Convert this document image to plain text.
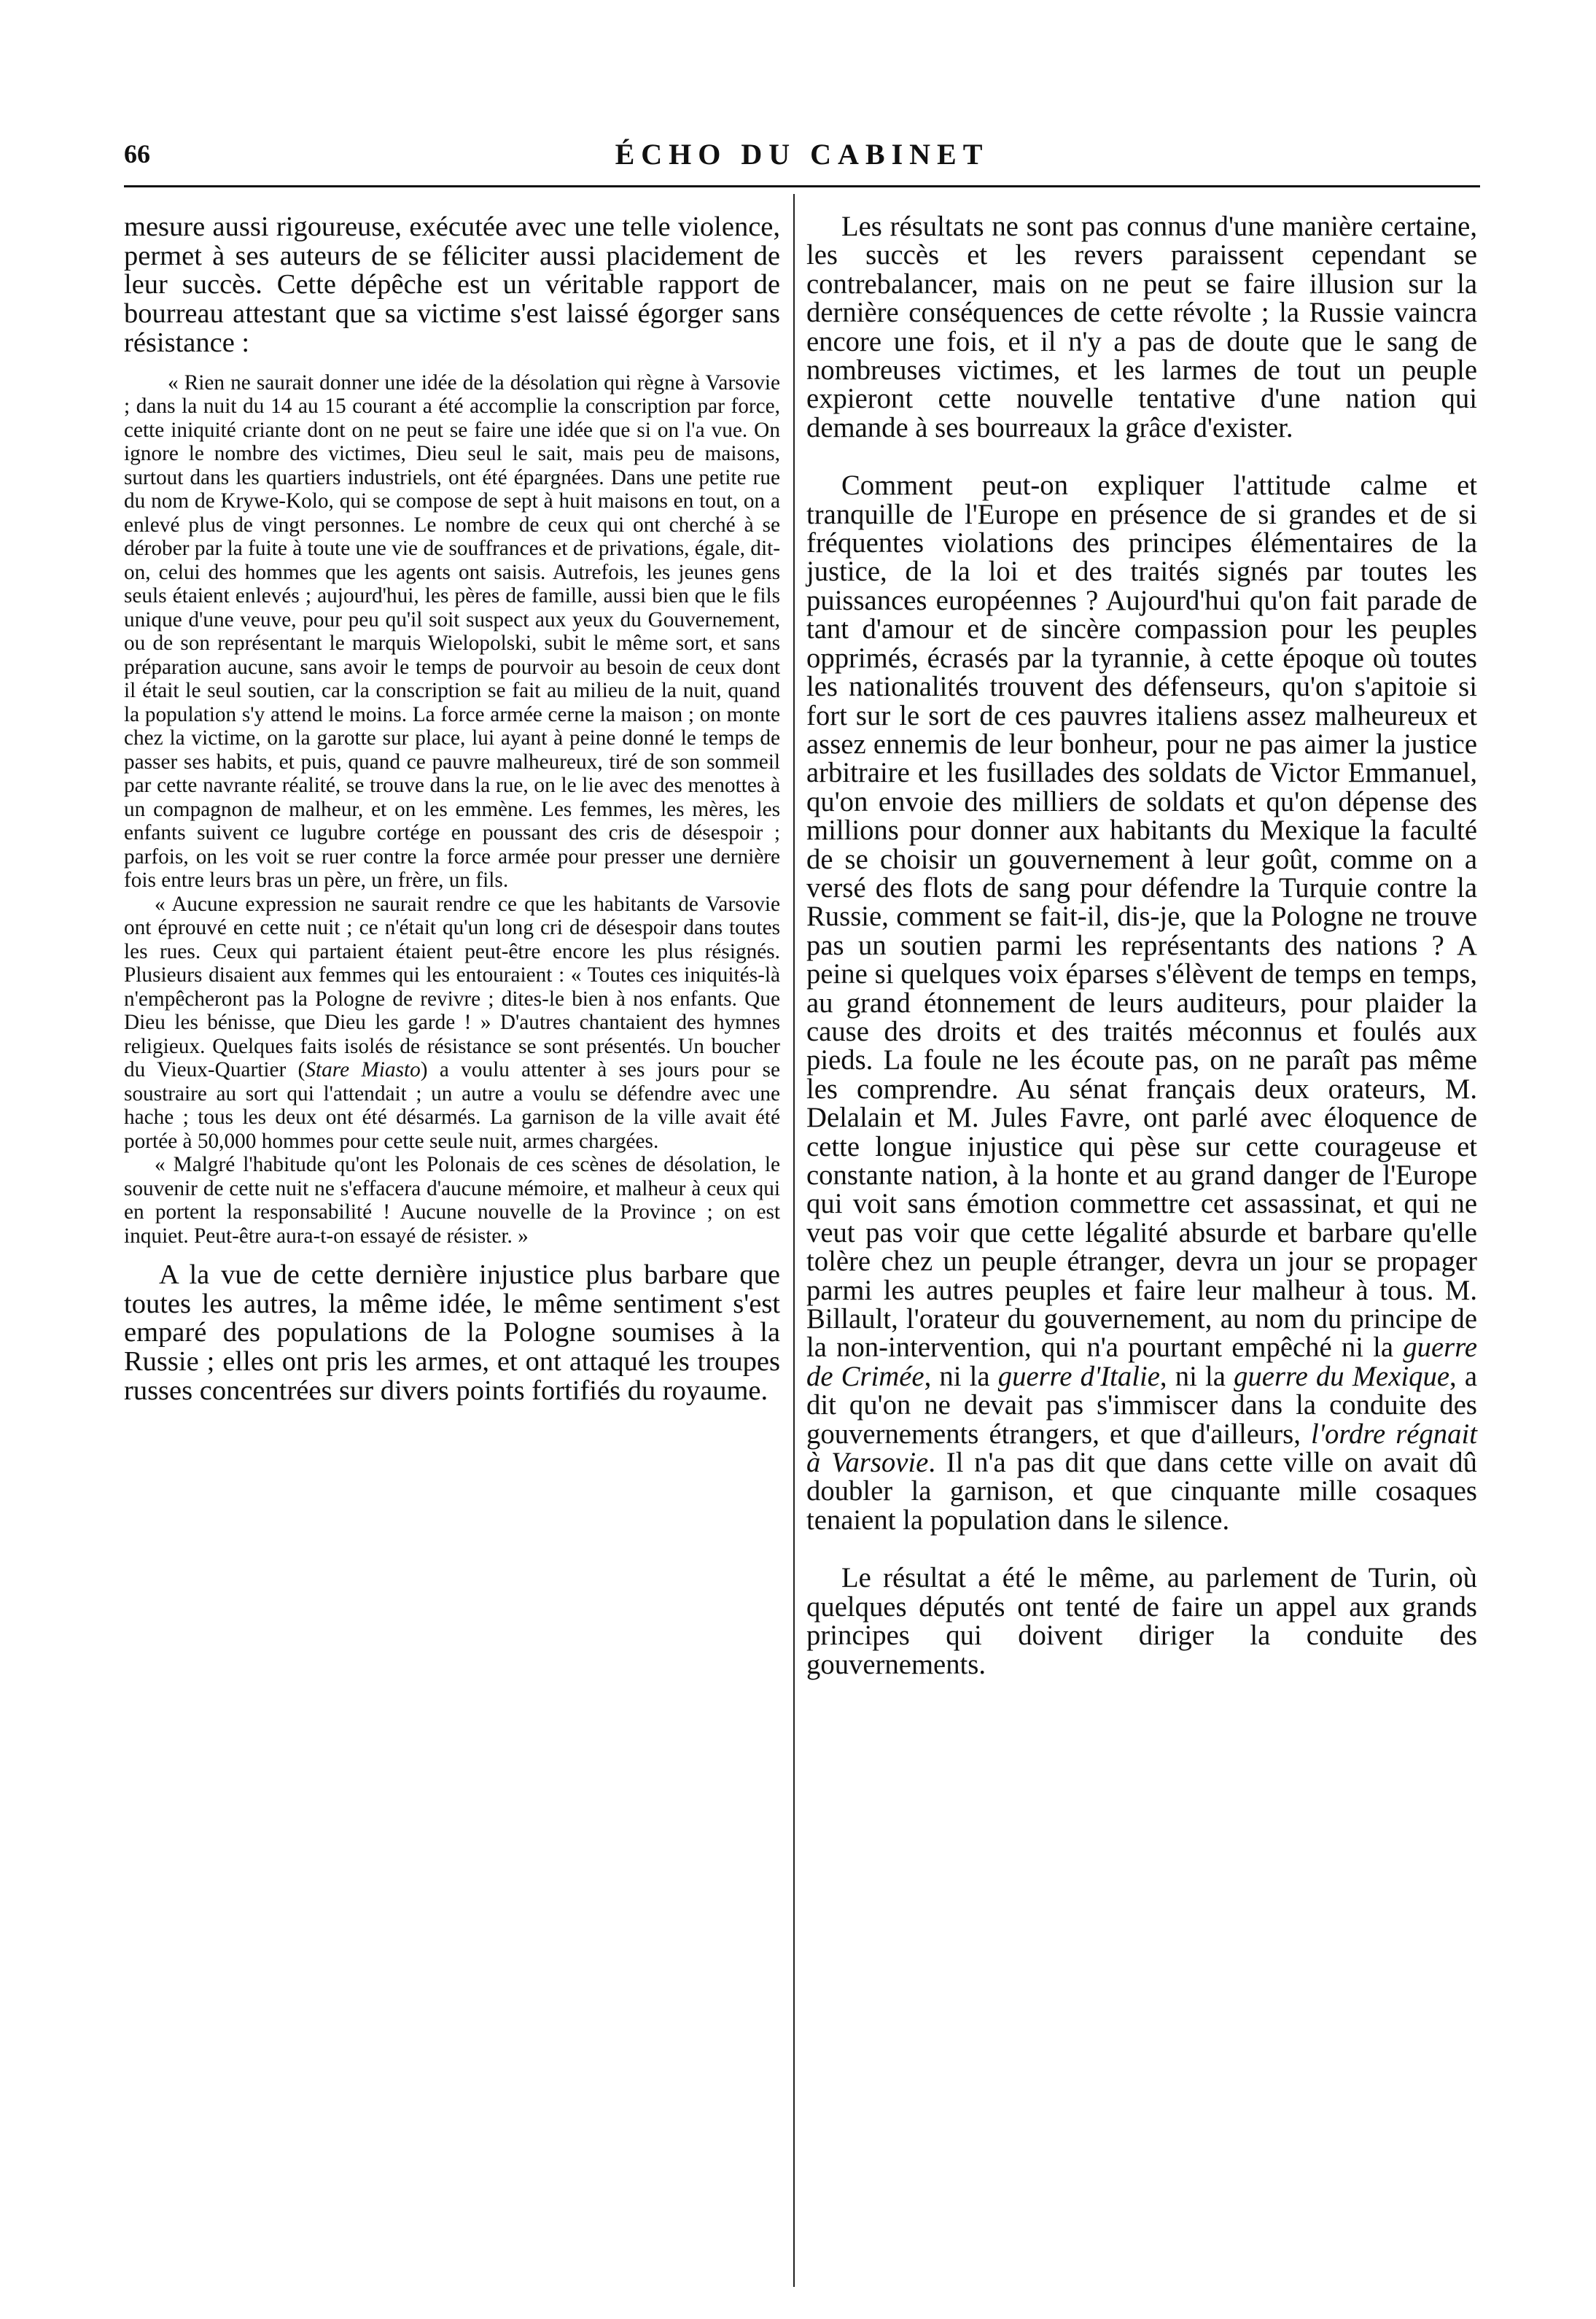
66	ÉCHO DU CABINET

mesure aussi rigoureuse, exécutée avec une telle violence, permet à ses auteurs de se féliciter aussi placidement de leur succès. Cette dépêche est un véritable rapport de bourreau attestant que sa victime s'est laissé égorger sans résistance :

« Rien ne saurait donner une idée de la désolation qui règne à Varsovie ; dans la nuit du 14 au 15 courant a été accomplie la conscription par force, cette iniquité criante dont on ne peut se faire une idée que si on l'a vue. On ignore le nombre des victimes, Dieu seul le sait, mais peu de maisons, surtout dans les quartiers industriels, ont été épargnées. Dans une petite rue du nom de Krywe-Kolo, qui se compose de sept à huit maisons en tout, on a enlevé plus de vingt personnes. Le nombre de ceux qui ont cherché à se dérober par la fuite à toute une vie de souffrances et de privations, égale, dit-on, celui des hommes que les agents ont saisis. Autrefois, les jeunes gens seuls étaient enlevés ; aujourd'hui, les pères de famille, aussi bien que le fils unique d'une veuve, pour peu qu'il soit suspect aux yeux du Gouvernement, ou de son représentant le marquis Wielopolski, subit le même sort, et sans préparation aucune, sans avoir le temps de pourvoir au besoin de ceux dont il était le seul soutien, car la conscription se fait au milieu de la nuit, quand la population s'y attend le moins. La force armée cerne la maison ; on monte chez la victime, on la garotte sur place, lui ayant à peine donné le temps de passer ses habits, et puis, quand ce pauvre malheureux, tiré de son sommeil par cette navrante réalité, se trouve dans la rue, on le lie avec des menottes à un compagnon de malheur, et on les emmène. Les femmes, les mères, les enfants suivent ce lugubre cortége en poussant des cris de désespoir ; parfois, on les voit se ruer contre la force armée pour presser une dernière fois entre leurs bras un père, un frère, un fils.

« Aucune expression ne saurait rendre ce que les habitants de Varsovie ont éprouvé en cette nuit ; ce n'était qu'un long cri de désespoir dans toutes les rues. Ceux qui partaient étaient peut-être encore les plus résignés. Plusieurs disaient aux femmes qui les entouraient : « Toutes ces iniquités-là n'empêcheront pas la Pologne de revivre ; dites-le bien à nos enfants. Que Dieu les bénisse, que Dieu les garde ! » D'autres chantaient des hymnes religieux. Quelques faits isolés de résistance se sont présentés. Un boucher du Vieux-Quartier (Stare Miasto) a voulu attenter à ses jours pour se soustraire au sort qui l'attendait ; un autre a voulu se défendre avec une hache ; tous les deux ont été désarmés. La garnison de la ville avait été portée à 50,000 hommes pour cette seule nuit, armes chargées.

« Malgré l'habitude qu'ont les Polonais de ces scènes de désolation, le souvenir de cette nuit ne s'effacera d'aucune mémoire, et malheur à ceux qui en portent la responsabilité ! Aucune nouvelle de la Province ; on est inquiet. Peut-être aura-t-on essayé de résister. »

A la vue de cette dernière injustice plus barbare que toutes les autres, la même idée, le même sentiment s'est emparé des populations de la Pologne soumises à la Russie ; elles ont pris les armes, et ont attaqué les troupes russes concentrées sur divers points fortifiés du royaume.

Les résultats ne sont pas connus d'une manière certaine, les succès et les revers paraissent cependant se contrebalancer, mais on ne peut se faire illusion sur la dernière conséquences de cette révolte ; la Russie vaincra encore une fois, et il n'y a pas de doute que le sang de nombreuses victimes, et les larmes de tout un peuple expieront cette nouvelle tentative d'une nation qui demande à ses bourreaux la grâce d'exister.

Comment peut-on expliquer l'attitude calme et tranquille de l'Europe en présence de si grandes et de si fréquentes violations des principes élémentaires de la justice, de la loi et des traités signés par toutes les puissances européennes ? Aujourd'hui qu'on fait parade de tant d'amour et de sincère compassion pour les peuples opprimés, écrasés par la tyrannie, à cette époque où toutes les nationalités trouvent des défenseurs, qu'on s'apitoie si fort sur le sort de ces pauvres italiens assez malheureux et assez ennemis de leur bonheur, pour ne pas aimer la justice arbitraire et les fusillades des soldats de Victor Emmanuel, qu'on envoie des milliers de soldats et qu'on dépense des millions pour donner aux habitants du Mexique la faculté de se choisir un gouvernement à leur goût, comme on a versé des flots de sang pour défendre la Turquie contre la Russie, comment se fait-il, dis-je, que la Pologne ne trouve pas un soutien parmi les représentants des nations ? A peine si quelques voix éparses s'élèvent de temps en temps, au grand étonnement de leurs auditeurs, pour plaider la cause des droits et des traités méconnus et foulés aux pieds. La foule ne les écoute pas, on ne paraît pas même les comprendre. Au sénat français deux orateurs, M. Delalain et M. Jules Favre, ont parlé avec éloquence de cette longue injustice qui pèse sur cette courageuse et constante nation, à la honte et au grand danger de l'Europe qui voit sans émotion commettre cet assassinat, et qui ne veut pas voir que cette légalité absurde et barbare qu'elle tolère chez un peuple étranger, devra un jour se propager parmi les autres peuples et faire leur malheur à tous. M. Billault, l'orateur du gouvernement, au nom du principe de la non-intervention, qui n'a pourtant empêché ni la guerre de Crimée, ni la guerre d'Italie, ni la guerre du Mexique, a dit qu'on ne devait pas s'immiscer dans la conduite des gouvernements étrangers, et que d'ailleurs, l'ordre régnait à Varsovie. Il n'a pas dit que dans cette ville on avait dû doubler la garnison, et que cinquante mille cosaques tenaient la population dans le silence.

Le résultat a été le même, au parlement de Turin, où quelques députés ont tenté de faire un appel aux grands principes qui doivent diriger la conduite des gouvernements.
